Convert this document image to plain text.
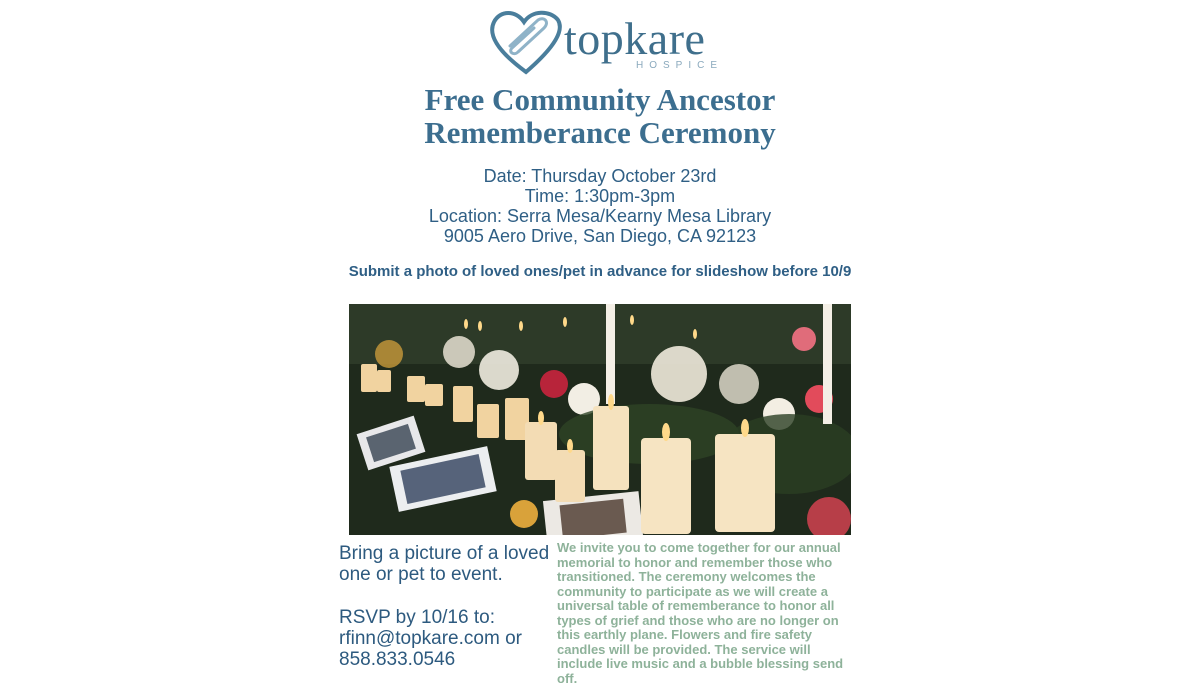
topkare
HOSPICE
Free Community Ancestor
Rememberance Ceremony
Date: Thursday October 23rd
Time: 1:30pm-3pm
Location: Serra Mesa/Kearny Mesa Library
9005 Aero Drive, San Diego, CA 92123
Submit a photo of loved ones/pet in advance for slideshow before 10/9
Bring a picture of a loved one or pet to event.
RSVP by 10/16 to:
rfinn@topkare.com or
858.833.0546
We invite you to come together for our annual memorial to honor and remember those who transitioned. The ceremony welcomes the community to participate as we will create a universal table of rememberance to honor all types of grief and those who are no longer on this earthly plane. Flowers and fire safety candles will be provided. The service will include live music and a bubble blessing send off.
